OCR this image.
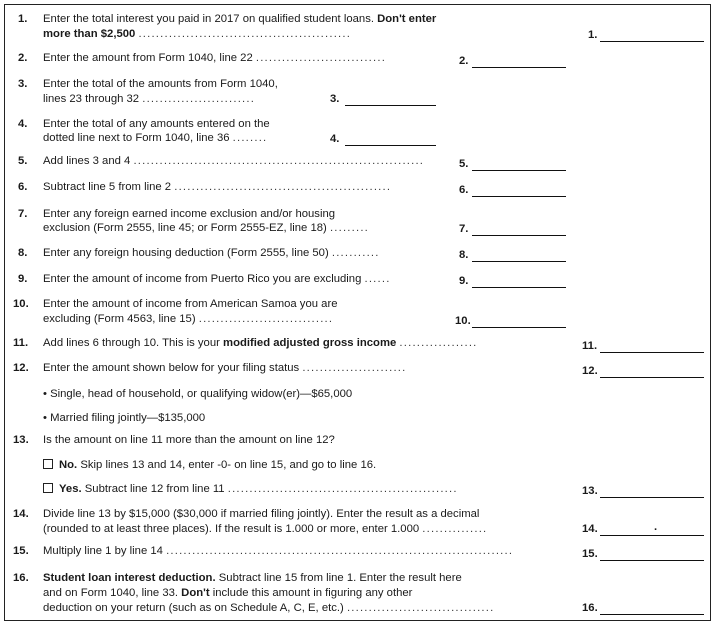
1. Enter the total interest you paid in 2017 on qualified student loans. Don't enter
more than $2,500 .................................................	1.
2. Enter the amount from Form 1040, line 22 ..............................	2.
3. Enter the total of the amounts from Form 1040,
lines 23 through 32 ..........................	3.
4. Enter the total of any amounts entered on the
dotted line next to Form 1040, line 36 ........	4.
5. Add lines 3 and 4 ...................................................................	5.
6. Subtract line 5 from line 2 ..................................................	6.
7. Enter any foreign earned income exclusion and/or housing
exclusion (Form 2555, line 45; or Form 2555-EZ, line 18) .........	7.
8. Enter any foreign housing deduction (Form 2555, line 50) ...........	8.
9. Enter the amount of income from Puerto Rico you are excluding ......	9.
10. Enter the amount of income from American Samoa you are
excluding (Form 4563, line 15) ...............................	10.
11. Add lines 6 through 10. This is your modified adjusted gross income ..................	11.
12. Enter the amount shown below for your filing status ........................	12.
• Single, head of household, or qualifying widow(er)—$65,000
• Married filing jointly—$135,000
13. Is the amount on line 11 more than the amount on line 12?
No. Skip lines 13 and 14, enter -0- on line 15, and go to line 16.
Yes. Subtract line 12 from line 11 .....................................................	13.
14. Divide line 13 by $15,000 ($30,000 if married filing jointly). Enter the result as a decimal
(rounded to at least three places). If the result is 1.000 or more, enter 1.000 ...............	14.	.
15. Multiply line 1 by line 14 ................................................................................	15.
16. Student loan interest deduction. Subtract line 15 from line 1. Enter the result here
and on Form 1040, line 33. Don't include this amount in figuring any other
deduction on your return (such as on Schedule A, C, E, etc.) ..................................	16.
